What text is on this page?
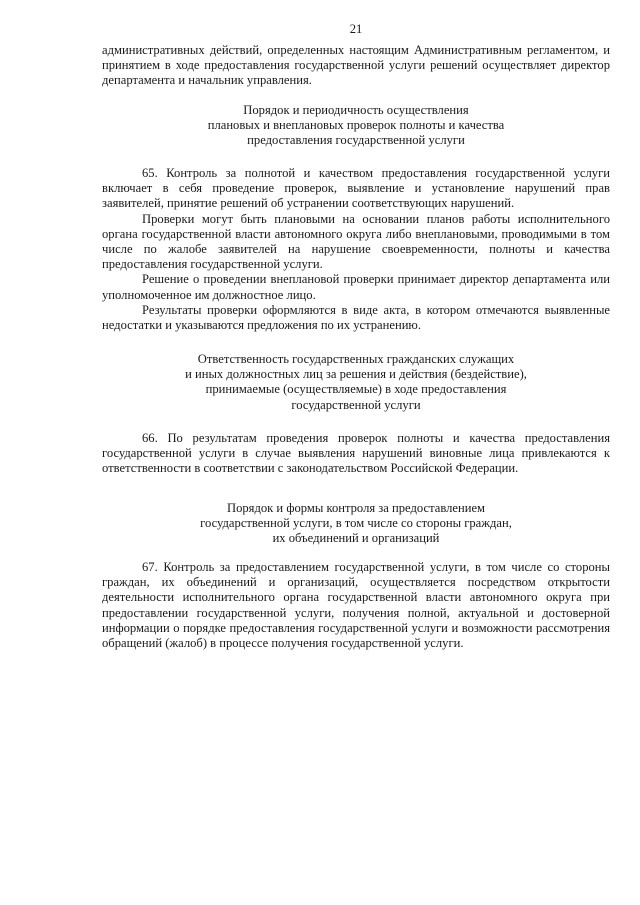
21

административных действий, определенных настоящим Административным регламентом, и принятием в ходе предоставления государственной услуги решений осуществляет директор департамента и начальник управления.

Порядок и периодичность осуществления

плановых и внеплановых проверок полноты и качества

предоставления государственной услуги

65. Контроль за полнотой и качеством предоставления государственной услуги включает в себя проведение проверок, выявление и установление нарушений прав заявителей, принятие решений об устранении соответствующих нарушений.

Проверки могут быть плановыми на основании планов работы исполнительного органа государственной власти автономного округа либо внеплановыми, проводимыми в том числе по жалобе заявителей на нарушение своевременности, полноты и качества предоставления государственной услуги.

Решение о проведении внеплановой проверки принимает директор департамента или уполномоченное им должностное лицо.

Результаты проверки оформляются в виде акта, в котором отмечаются выявленные недостатки и указываются предложения по их устранению.

Ответственность государственных гражданских служащих

и иных должностных лиц за решения и действия (бездействие),

принимаемые (осуществляемые) в ходе предоставления

государственной услуги

66. По результатам проведения проверок полноты и качества предоставления государственной услуги в случае выявления нарушений виновные лица привлекаются к ответственности в соответствии с законодательством Российской Федерации.

Порядок и формы контроля за предоставлением

государственной услуги, в том числе со стороны граждан,

их объединений и организаций

67. Контроль за предоставлением государственной услуги, в том числе со стороны граждан, их объединений и организаций, осуществляется посредством открытости деятельности исполнительного органа государственной власти автономного округа при предоставлении государственной услуги, получения полной, актуальной и достоверной информации о порядке предоставления государственной услуги и возможности рассмотрения обращений (жалоб) в процессе получения государственной услуги.
